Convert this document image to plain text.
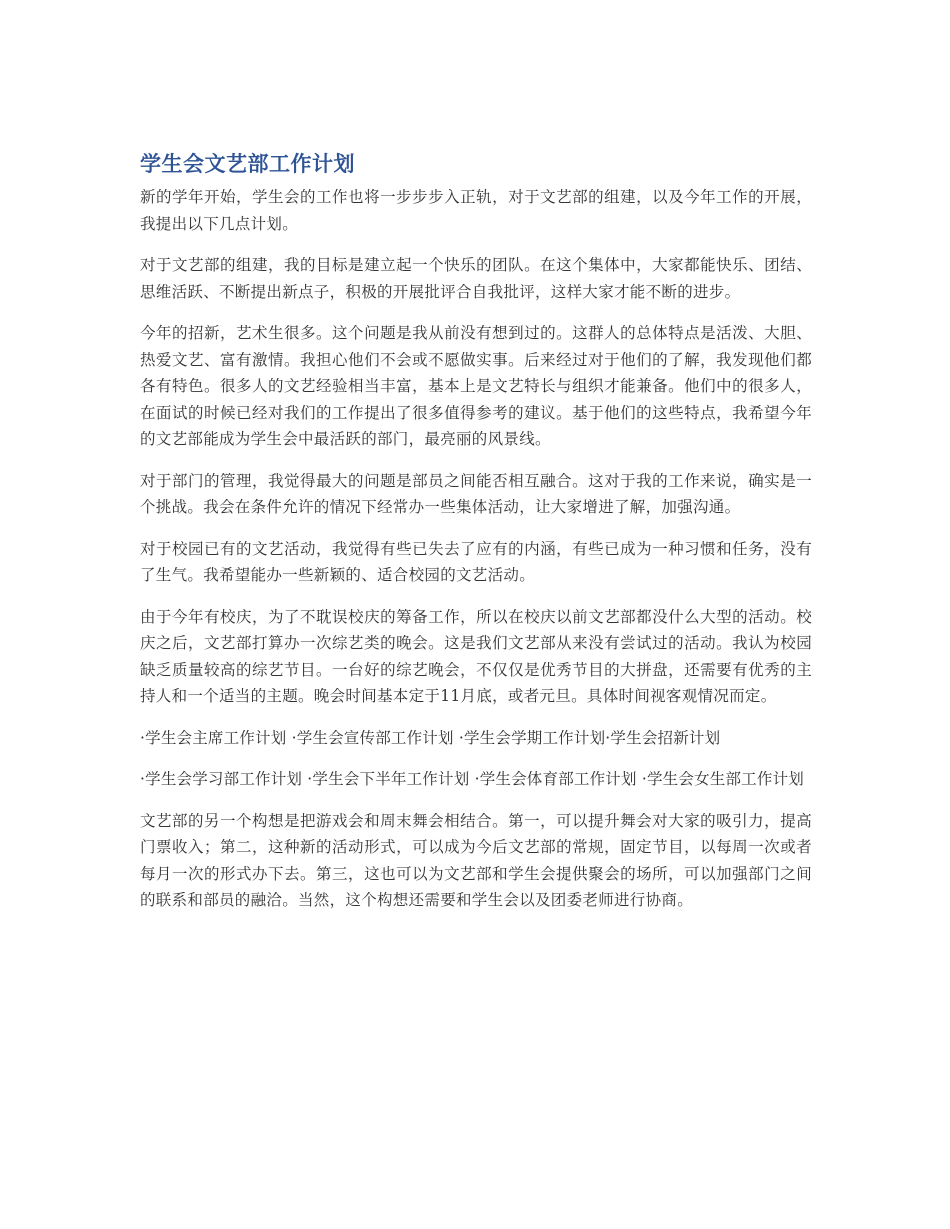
学生会文艺部工作计划

新的学年开始，学生会的工作也将一步步步入正轨，对于文艺部的组建，以及今年工作的开展，我提出以下几点计划。

对于文艺部的组建，我的目标是建立起一个快乐的团队。在这个集体中，大家都能快乐、团结、思维活跃、不断提出新点子，积极的开展批评合自我批评，这样大家才能不断的进步。

今年的招新，艺术生很多。这个问题是我从前没有想到过的。这群人的总体特点是活泼、大胆、热爱文艺、富有激情。我担心他们不会或不愿做实事。后来经过对于他们的了解，我发现他们都各有特色。很多人的文艺经验相当丰富，基本上是文艺特长与组织才能兼备。他们中的很多人，在面试的时候已经对我们的工作提出了很多值得参考的建议。基于他们的这些特点，我希望今年的文艺部能成为学生会中最活跃的部门，最亮丽的风景线。

对于部门的管理，我觉得最大的问题是部员之间能否相互融合。这对于我的工作来说，确实是一个挑战。我会在条件允许的情况下经常办一些集体活动，让大家增进了解，加强沟通。

对于校园已有的文艺活动，我觉得有些已失去了应有的内涵，有些已成为一种习惯和任务，没有了生气。我希望能办一些新颖的、适合校园的文艺活动。

由于今年有校庆，为了不耽误校庆的筹备工作，所以在校庆以前文艺部都没什么大型的活动。校庆之后，文艺部打算办一次综艺类的晚会。这是我们文艺部从来没有尝试过的活动。我认为校园缺乏质量较高的综艺节目。一台好的综艺晚会，不仅仅是优秀节目的大拼盘，还需要有优秀的主持人和一个适当的主题。晚会时间基本定于11月底，或者元旦。具体时间视客观情况而定。

·学生会主席工作计划 ·学生会宣传部工作计划 ·学生会学期工作计划·学生会招新计划
·学生会学习部工作计划 ·学生会下半年工作计划 ·学生会体育部工作计划 ·学生会女生部工作计划

文艺部的另一个构想是把游戏会和周末舞会相结合。第一，可以提升舞会对大家的吸引力，提高门票收入；第二，这种新的活动形式，可以成为今后文艺部的常规，固定节目，以每周一次或者每月一次的形式办下去。第三，这也可以为文艺部和学生会提供聚会的场所，可以加强部门之间的联系和部员的融洽。当然，这个构想还需要和学生会以及团委老师进行协商。
